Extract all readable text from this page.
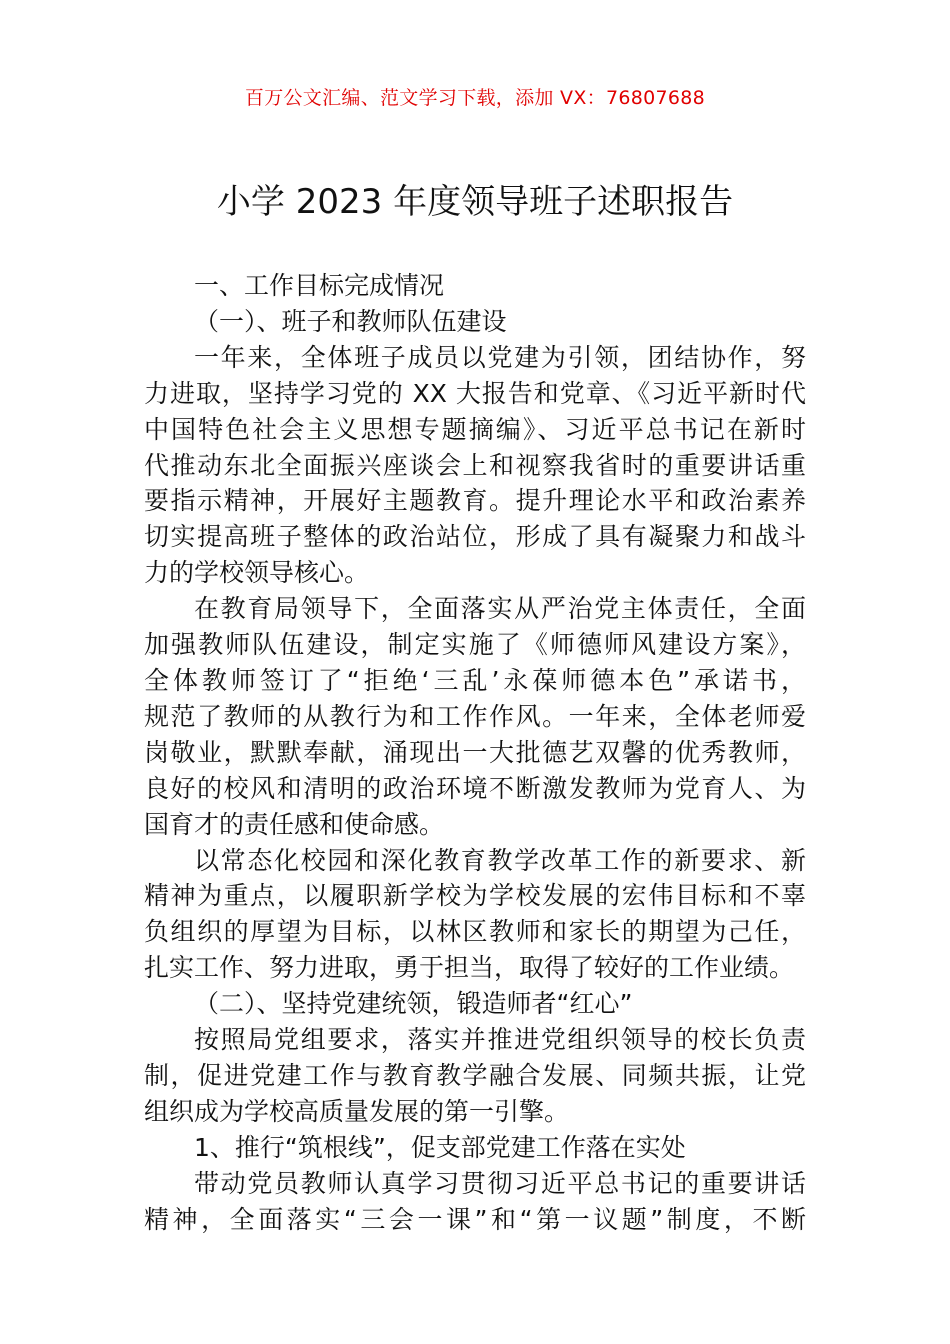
百万公文汇编、范文学习下载，添加 VX：76807688
小学 2023 年度领导班子述职报告

一、工作目标完成情况

（一）、班子和教师队伍建设

一年来，全体班子成员以党建为引领，团结协作，努
力进取，坚持学习党的 XX 大报告和党章、《习近平新时代
中国特色社会主义思想专题摘编》、习近平总书记在新时
代推动东北全面振兴座谈会上和视察我省时的重要讲话重
要指示精神，开展好主题教育。提升理论水平和政治素养
切实提高班子整体的政治站位，形成了具有凝聚力和战斗
力的学校领导核心。
在教育局领导下，全面落实从严治党主体责任，全面
加强教师队伍建设，制定实施了《师德师风建设方案》，
全体教师签订了“拒绝‘三乱’永葆师德本色”承诺书，
规范了教师的从教行为和工作作风。一年来，全体老师爱
岗敬业，默默奉献，涌现出一大批德艺双馨的优秀教师，
良好的校风和清明的政治环境不断激发教师为党育人、为
国育才的责任感和使命感。
以常态化校园和深化教育教学改革工作的新要求、新
精神为重点，以履职新学校为学校发展的宏伟目标和不辜
负组织的厚望为目标，以林区教师和家长的期望为己任，
扎实工作、努力进取，勇于担当，取得了较好的工作业绩。

（二）、坚持党建统领，锻造师者“红心”

按照局党组要求，落实并推进党组织领导的校长负责
制，促进党建工作与教育教学融合发展、同频共振，让党
组织成为学校高质量发展的第一引擎。

1、推行“筑根线”，促支部党建工作落在实处

带动党员教师认真学习贯彻习近平总书记的重要讲话
精神，全面落实“三会一课”和“第一议题”制度，不断
